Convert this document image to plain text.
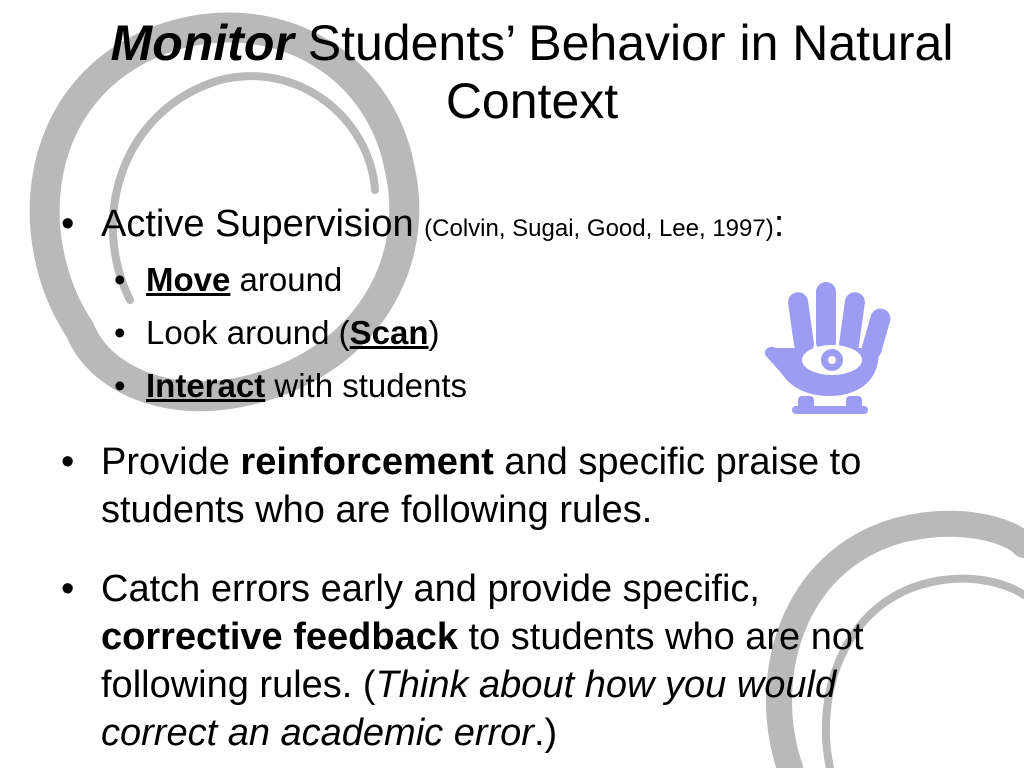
Monitor Students’ Behavior in Natural
Context
• Active Supervision (Colvin, Sugai, Good, Lee, 1997):
• Move around
• Look around (Scan)
• Interact with students
• Provide reinforcement and specific praise to
students who are following rules.
• Catch errors early and provide specific,
corrective feedback to students who are not
following rules. (Think about how you would
correct an academic error.)
